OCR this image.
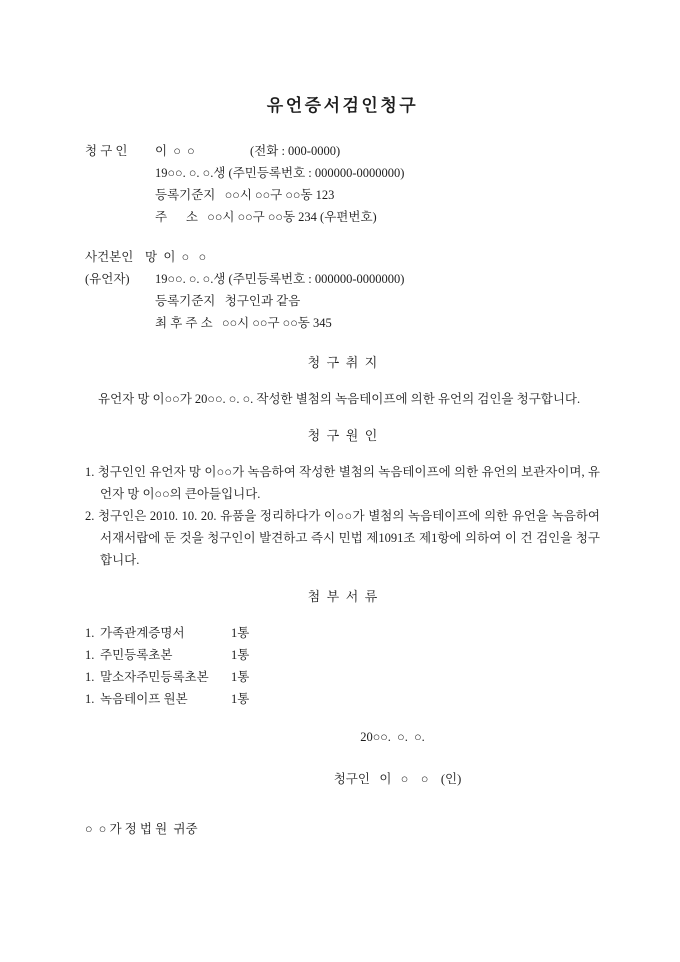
유언증서검인청구
청 구 인	이  ○  ○	(전화 : 000-0000)
19○○. ○. ○.생 (주민등록번호 : 000000-0000000)
등록기준지   ○○시 ○○구 ○○동 123
주      소   ○○시 ○○구 ○○동 234 (우편번호)
사건본인 망  이  ○   ○
(유언자)	19○○. ○. ○.생 (주민등록번호 : 000000-0000000)
등록기준지   청구인과 같음
최 후 주 소   ○○시 ○○구 ○○동 345
청  구  취  지

유언자 망 이○○가 20○○. ○. ○. 작성한 별첨의 녹음테이프에 의한 유언의 검인을 청구합니다.

청  구  원  인
1. 청구인인 유언자 망 이○○가 녹음하여 작성한 별첨의 녹음테이프에 의한 유언의 보관자이며, 유언자 망 이○○의 큰아들입니다.
2. 청구인은 2010. 10. 20. 유품을 정리하다가 이○○가 별첨의 녹음테이프에 의한 유언을 녹음하여 서재서랍에 둔 것을 청구인이 발견하고 즉시 민법 제1091조 제1항에 의하여 이 건 검인을 청구합니다.
첨  부  서  류
1. 가족관계증명서	1통
1. 주민등록초본	1통
1. 말소자주민등록초본	1통
1. 녹음테이프 원본	1통
20○○.  ○.  ○.
청구인   이   ○    ○    (인)
○  ○ 가 정 법 원  귀중
